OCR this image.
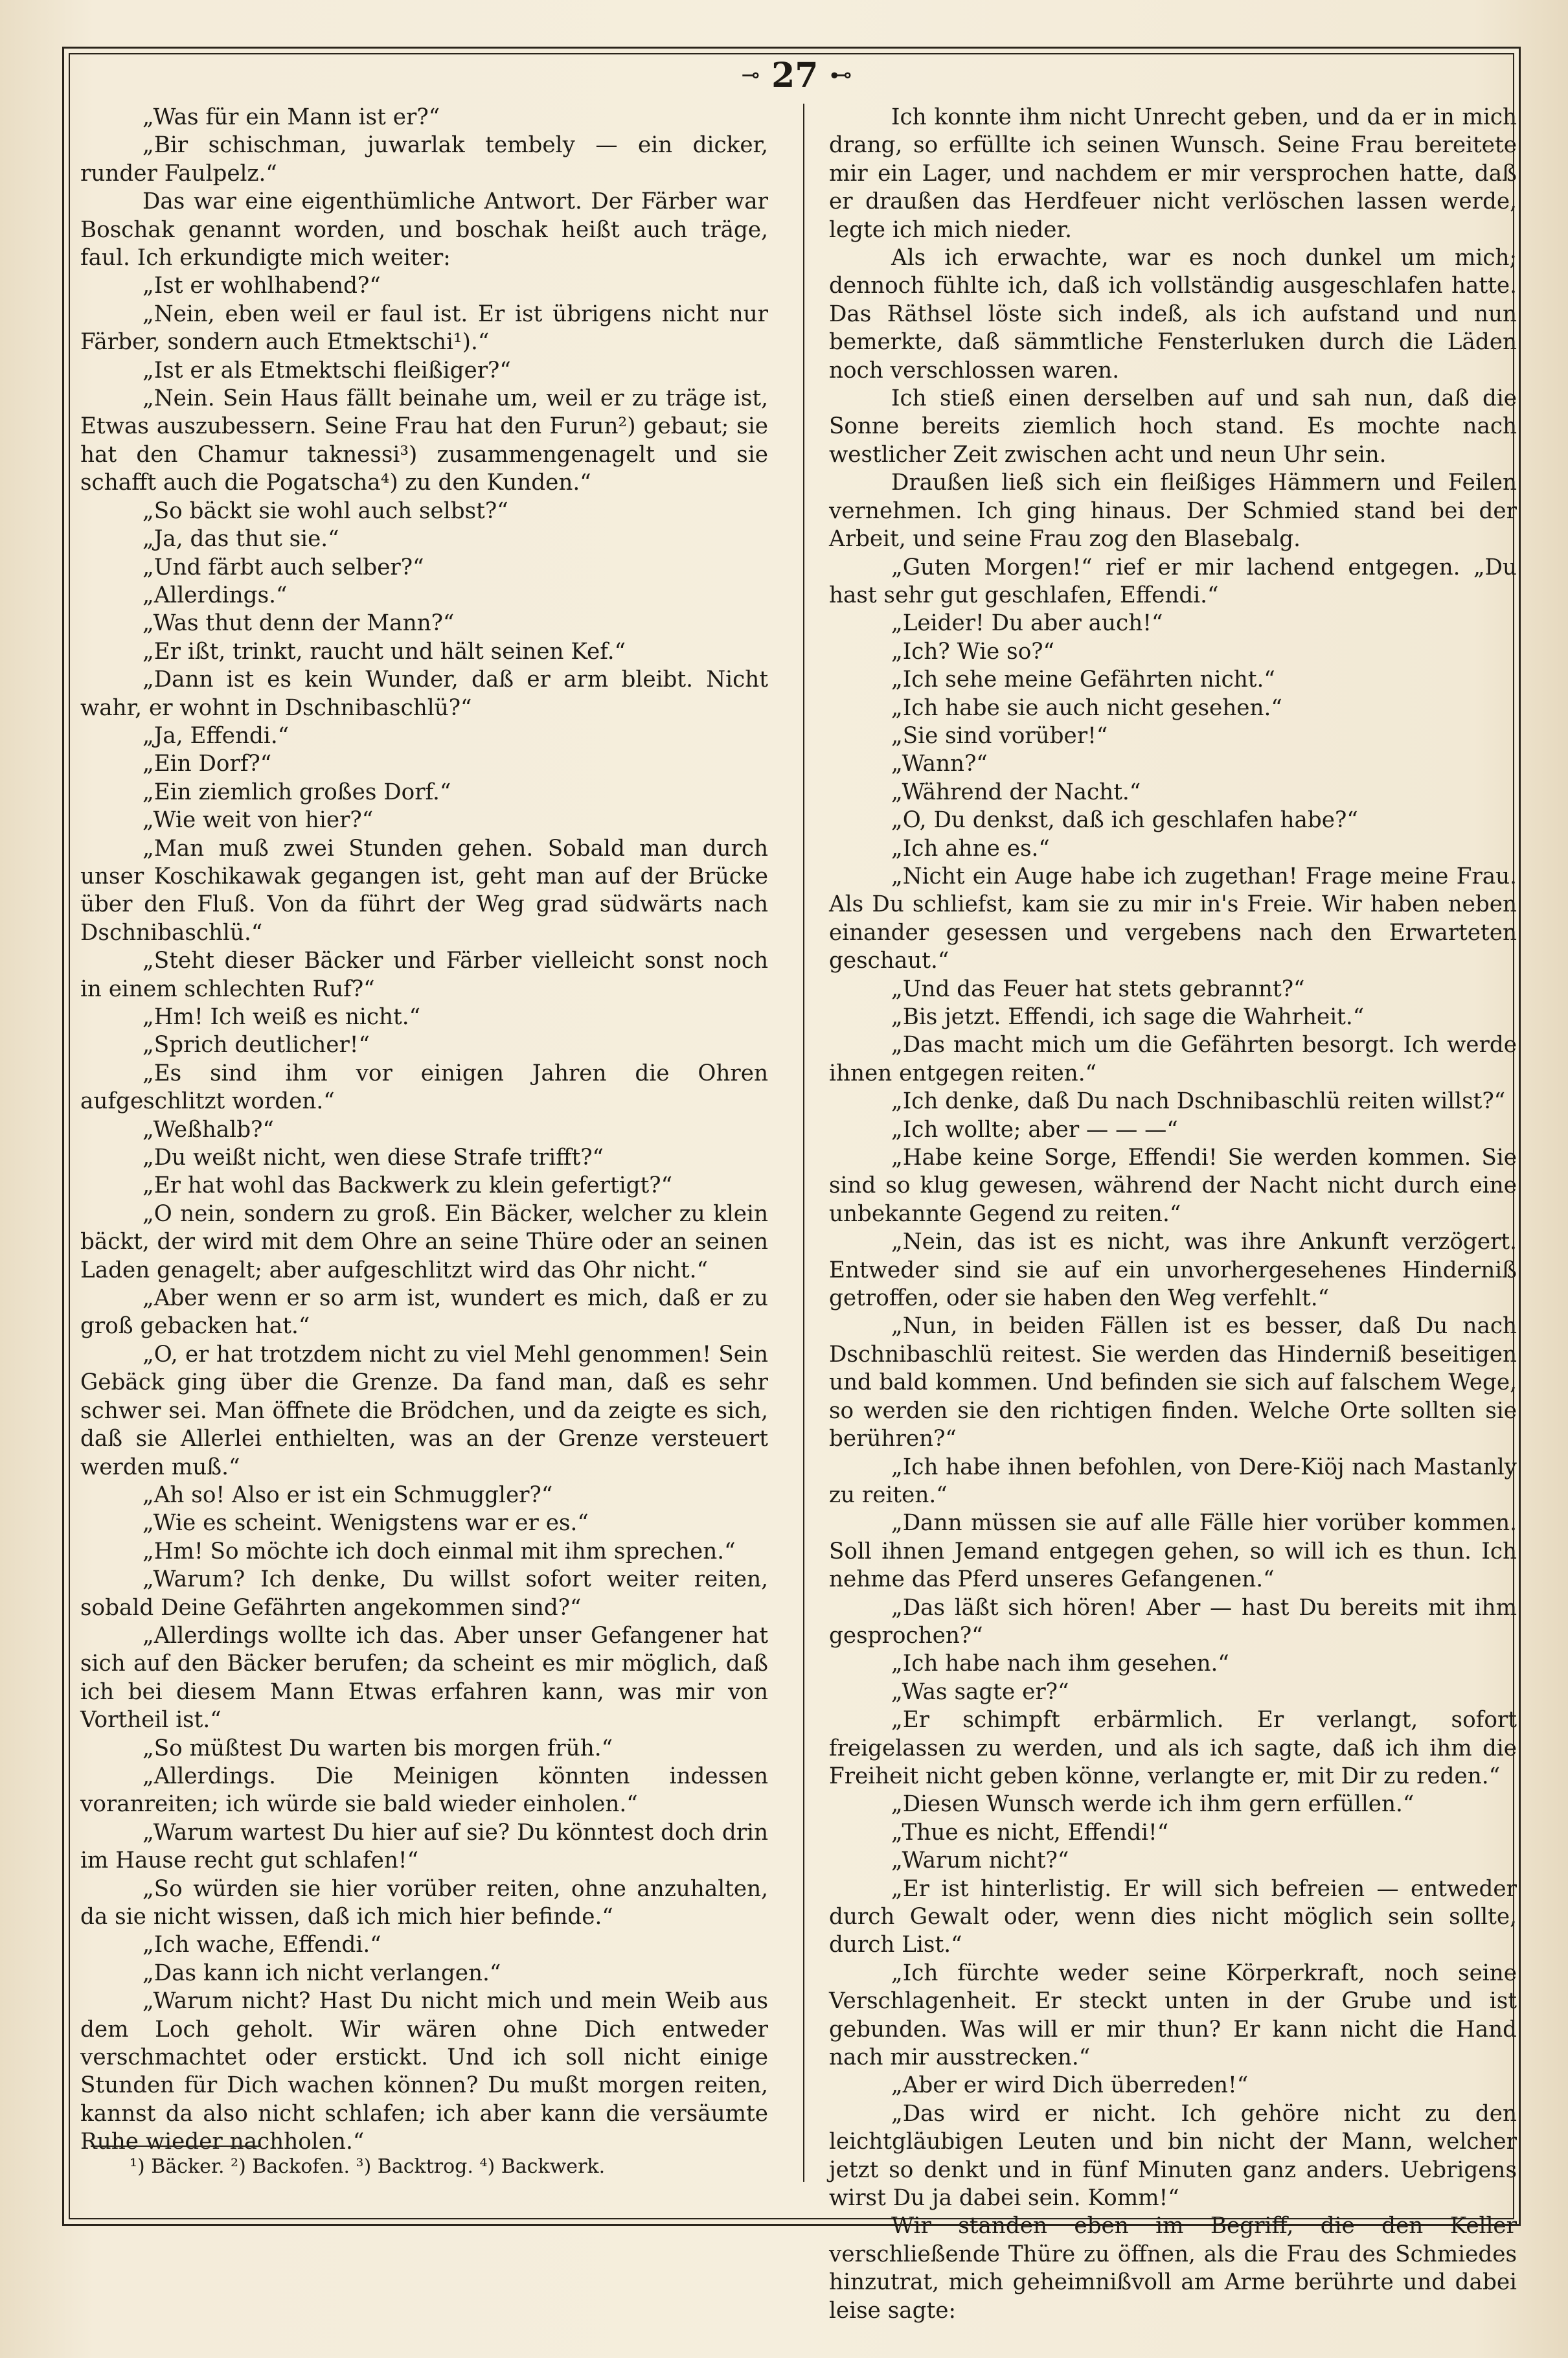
⊸ 27 ⊷

„Was für ein Mann ist er?“

„Bir schischman, juwarlak tembely — ein dicker, runder Faulpelz.“

Das war eine eigenthümliche Antwort. Der Färber war Boschak genannt worden, und boschak heißt auch träge, faul. Ich erkundigte mich weiter:

„Ist er wohlhabend?“

„Nein, eben weil er faul ist. Er ist übrigens nicht nur Färber, sondern auch Etmektschi¹).“

„Ist er als Etmektschi fleißiger?“

„Nein. Sein Haus fällt beinahe um, weil er zu träge ist, Etwas auszubessern. Seine Frau hat den Furun²) gebaut; sie hat den Chamur taknessi³) zusammengenagelt und sie schafft auch die Pogatscha⁴) zu den Kunden.“

„So bäckt sie wohl auch selbst?“

„Ja, das thut sie.“

„Und färbt auch selber?“

„Allerdings.“

„Was thut denn der Mann?“

„Er ißt, trinkt, raucht und hält seinen Kef.“

„Dann ist es kein Wunder, daß er arm bleibt. Nicht wahr, er wohnt in Dschnibaschlü?“

„Ja, Effendi.“

„Ein Dorf?“

„Ein ziemlich großes Dorf.“

„Wie weit von hier?“

„Man muß zwei Stunden gehen. Sobald man durch unser Koschikawak gegangen ist, geht man auf der Brücke über den Fluß. Von da führt der Weg grad südwärts nach Dschnibaschlü.“

„Steht dieser Bäcker und Färber vielleicht sonst noch in einem schlechten Ruf?“

„Hm! Ich weiß es nicht.“

„Sprich deutlicher!“

„Es sind ihm vor einigen Jahren die Ohren aufgeschlitzt worden.“

„Weßhalb?“

„Du weißt nicht, wen diese Strafe trifft?“

„Er hat wohl das Backwerk zu klein gefertigt?“

„O nein, sondern zu groß. Ein Bäcker, welcher zu klein bäckt, der wird mit dem Ohre an seine Thüre oder an seinen Laden genagelt; aber aufgeschlitzt wird das Ohr nicht.“

„Aber wenn er so arm ist, wundert es mich, daß er zu groß gebacken hat.“

„O, er hat trotzdem nicht zu viel Mehl genommen! Sein Gebäck ging über die Grenze. Da fand man, daß es sehr schwer sei. Man öffnete die Brödchen, und da zeigte es sich, daß sie Allerlei enthielten, was an der Grenze versteuert werden muß.“

„Ah so! Also er ist ein Schmuggler?“

„Wie es scheint. Wenigstens war er es.“

„Hm! So möchte ich doch einmal mit ihm sprechen.“

„Warum? Ich denke, Du willst sofort weiter reiten, sobald Deine Gefährten angekommen sind?“

„Allerdings wollte ich das. Aber unser Gefangener hat sich auf den Bäcker berufen; da scheint es mir möglich, daß ich bei diesem Mann Etwas erfahren kann, was mir von Vortheil ist.“

„So müßtest Du warten bis morgen früh.“

„Allerdings. Die Meinigen könnten indessen voranreiten; ich würde sie bald wieder einholen.“

„Warum wartest Du hier auf sie? Du könntest doch drin im Hause recht gut schlafen!“

„So würden sie hier vorüber reiten, ohne anzuhalten, da sie nicht wissen, daß ich mich hier befinde.“

„Ich wache, Effendi.“

„Das kann ich nicht verlangen.“

„Warum nicht? Hast Du nicht mich und mein Weib aus dem Loch geholt. Wir wären ohne Dich entweder verschmachtet oder erstickt. Und ich soll nicht einige Stunden für Dich wachen können? Du mußt morgen reiten, kannst da also nicht schlafen; ich aber kann die versäumte Ruhe wieder nachholen.“

Ich konnte ihm nicht Unrecht geben, und da er in mich drang, so erfüllte ich seinen Wunsch. Seine Frau bereitete mir ein Lager, und nachdem er mir versprochen hatte, daß er draußen das Herdfeuer nicht verlöschen lassen werde, legte ich mich nieder.

Als ich erwachte, war es noch dunkel um mich; dennoch fühlte ich, daß ich vollständig ausgeschlafen hatte. Das Räthsel löste sich indeß, als ich aufstand und nun bemerkte, daß sämmtliche Fensterluken durch die Läden noch verschlossen waren.

Ich stieß einen derselben auf und sah nun, daß die Sonne bereits ziemlich hoch stand. Es mochte nach westlicher Zeit zwischen acht und neun Uhr sein.

Draußen ließ sich ein fleißiges Hämmern und Feilen vernehmen. Ich ging hinaus. Der Schmied stand bei der Arbeit, und seine Frau zog den Blasebalg.

„Guten Morgen!“ rief er mir lachend entgegen. „Du hast sehr gut geschlafen, Effendi.“

„Leider! Du aber auch!“

„Ich? Wie so?“

„Ich sehe meine Gefährten nicht.“

„Ich habe sie auch nicht gesehen.“

„Sie sind vorüber!“

„Wann?“

„Während der Nacht.“

„O, Du denkst, daß ich geschlafen habe?“

„Ich ahne es.“

„Nicht ein Auge habe ich zugethan! Frage meine Frau. Als Du schliefst, kam sie zu mir in's Freie. Wir haben neben einander gesessen und vergebens nach den Erwarteten geschaut.“

„Und das Feuer hat stets gebrannt?“

„Bis jetzt. Effendi, ich sage die Wahrheit.“

„Das macht mich um die Gefährten besorgt. Ich werde ihnen entgegen reiten.“

„Ich denke, daß Du nach Dschnibaschlü reiten willst?“

„Ich wollte; aber — — —“

„Habe keine Sorge, Effendi! Sie werden kommen. Sie sind so klug gewesen, während der Nacht nicht durch eine unbekannte Gegend zu reiten.“

„Nein, das ist es nicht, was ihre Ankunft verzögert. Entweder sind sie auf ein unvorhergesehenes Hinderniß getroffen, oder sie haben den Weg verfehlt.“

„Nun, in beiden Fällen ist es besser, daß Du nach Dschnibaschlü reitest. Sie werden das Hinderniß beseitigen und bald kommen. Und befinden sie sich auf falschem Wege, so werden sie den richtigen finden. Welche Orte sollten sie berühren?“

„Ich habe ihnen befohlen, von Dere-Kiöj nach Mastanly zu reiten.“

„Dann müssen sie auf alle Fälle hier vorüber kommen. Soll ihnen Jemand entgegen gehen, so will ich es thun. Ich nehme das Pferd unseres Gefangenen.“

„Das läßt sich hören! Aber — hast Du bereits mit ihm gesprochen?“

„Ich habe nach ihm gesehen.“

„Was sagte er?“

„Er schimpft erbärmlich. Er verlangt, sofort freigelassen zu werden, und als ich sagte, daß ich ihm die Freiheit nicht geben könne, verlangte er, mit Dir zu reden.“

„Diesen Wunsch werde ich ihm gern erfüllen.“

„Thue es nicht, Effendi!“

„Warum nicht?“

„Er ist hinterlistig. Er will sich befreien — entweder durch Gewalt oder, wenn dies nicht möglich sein sollte, durch List.“

„Ich fürchte weder seine Körperkraft, noch seine Verschlagenheit. Er steckt unten in der Grube und ist gebunden. Was will er mir thun? Er kann nicht die Hand nach mir ausstrecken.“

„Aber er wird Dich überreden!“

„Das wird er nicht. Ich gehöre nicht zu den leichtgläubigen Leuten und bin nicht der Mann, welcher jetzt so denkt und in fünf Minuten ganz anders. Uebrigens wirst Du ja dabei sein. Komm!“

Wir standen eben im Begriff, die den Keller verschließende Thüre zu öffnen, als die Frau des Schmiedes hinzutrat, mich geheimnißvoll am Arme berührte und dabei leise sagte:

¹) Bäcker. ²) Backofen. ³) Backtrog. ⁴) Backwerk.
